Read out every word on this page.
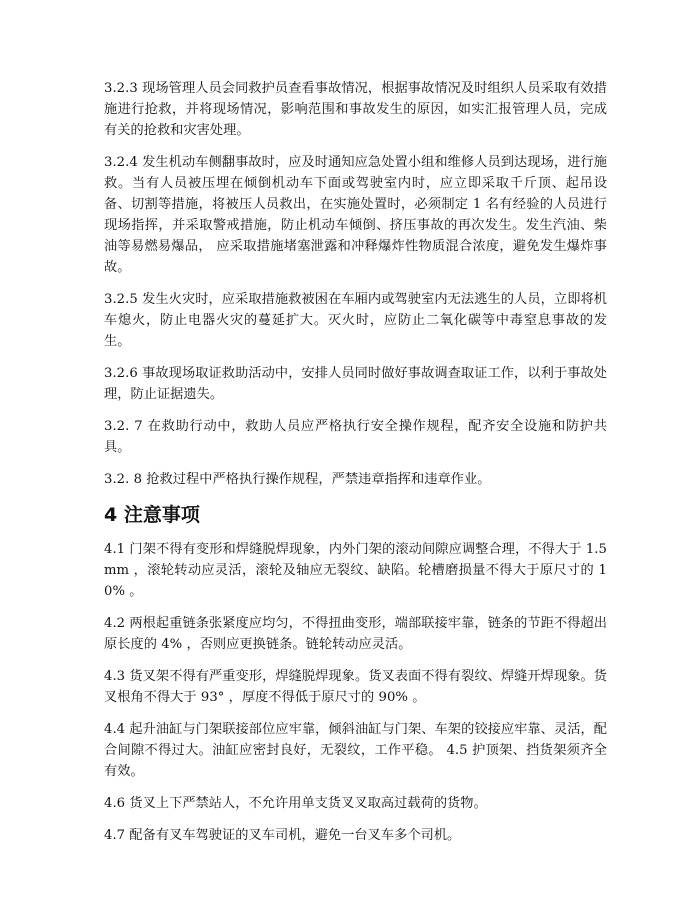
3.2.3 现场管理人员会同救护员查看事故情况，根据事故情况及时组织人员采取有效措施进行抢救，并将现场情况，影响范围和事故发生的原因，如实汇报管理人员，完成有关的抢救和灾害处理。

3.2.4 发生机动车侧翻事故时，应及时通知应急处置小组和维修人员到达现场，进行施救。当有人员被压埋在倾倒机动车下面或驾驶室内时，应立即采取千斤顶、起吊设备、切割等措施，将被压人员救出，在实施处置时，必须制定 1 名有经验的人员进行现场指挥，并采取警戒措施，防止机动车倾倒、挤压事故的再次发生。发生汽油、柴油等易燃易爆品， 应采取措施堵塞泄露和冲释爆炸性物质混合浓度，避免发生爆炸事故。

3.2.5 发生火灾时，应采取措施救被困在车厢内或驾驶室内无法逃生的人员，立即将机车熄火，防止电器火灾的蔓延扩大。灭火时，应防止二氧化碳等中毒窒息事故的发生。

3.2.6 事故现场取证救助活动中，安排人员同时做好事故调查取证工作，以利于事故处理，防止证据遗失。

3.2. 7 在救助行动中，救助人员应严格执行安全操作规程，配齐安全设施和防护共具。

3.2. 8 抢救过程中严格执行操作规程，严禁违章指挥和违章作业。

4 注意事项

4.1 门架不得有变形和焊缝脱焊现象，内外门架的滚动间隙应调整合理，不得大于 1.5mm ，滚轮转动应灵活，滚轮及轴应无裂纹、缺陷。轮槽磨损量不得大于原尺寸的 10% 。

4.2 两根起重链条张紧度应均匀，不得扭曲变形，端部联接牢靠，链条的节距不得超出原长度的 4% ，否则应更换链条。链轮转动应灵活。

4.3 货叉架不得有严重变形，焊缝脱焊现象。货叉表面不得有裂纹、焊缝开焊现象。货叉根角不得大于 93° ，厚度不得低于原尺寸的 90% 。

4.4 起升油缸与门架联接部位应牢靠，倾斜油缸与门架、车架的铰接应牢靠、灵活，配合间隙不得过大。油缸应密封良好，无裂纹，工作平稳。 4.5 护顶架、挡货架须齐全有效。

4.6 货叉上下严禁站人，不允许用单支货叉叉取高过载荷的货物。

4.7 配备有叉车驾驶证的叉车司机，避免一台叉车多个司机。
